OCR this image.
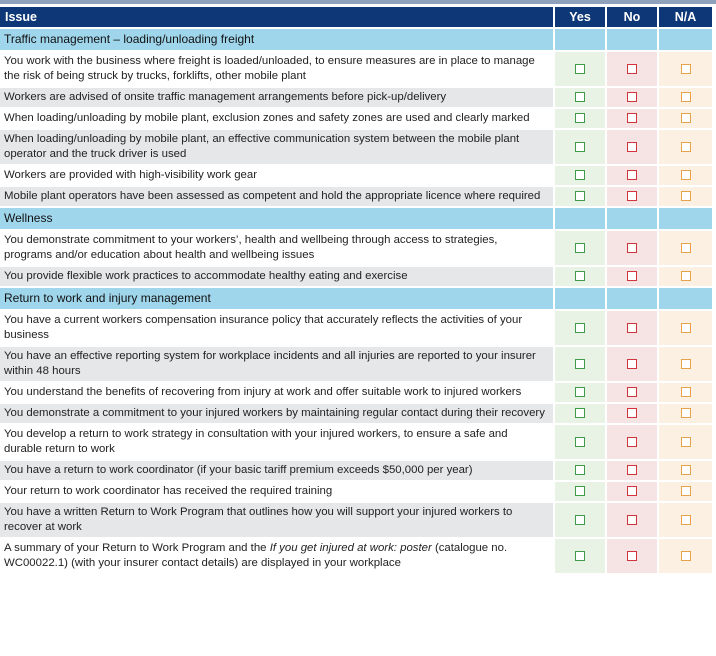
Issue	Yes	No	N/A
Traffic management – loading/unloading freight			
You work with the business where freight is loaded/unloaded, to ensure measures are in place to manage the risk of being struck by trucks, forklifts, other mobile plant			
Workers are advised of onsite traffic management arrangements before pick-up/delivery			
When loading/unloading by mobile plant, exclusion zones and safety zones are used and clearly marked			
When loading/unloading by mobile plant, an effective communication system between the mobile plant operator and the truck driver is used			
Workers are provided with high-visibility work gear			
Mobile plant operators have been assessed as competent and hold the appropriate licence where required			
Wellness			
You demonstrate commitment to your workers’, health and wellbeing through access to strategies, programs and/or education about health and wellbeing issues			
You provide flexible work practices to accommodate healthy eating and exercise			
Return to work and injury management			
You have a current workers compensation insurance policy that accurately reflects the activities of your business			
You have an effective reporting system for workplace incidents and all injuries are reported to your insurer within 48 hours			
You understand the benefits of recovering from injury at work and offer suitable work to injured workers			
You demonstrate a commitment to your injured workers by maintaining regular contact during their recovery			
You develop a return to work strategy in consultation with your injured workers, to ensure a safe and durable return to work			
You have a return to work coordinator (if your basic tariff premium exceeds $50,000 per year)			
Your return to work coordinator has received the required training			
You have a written Return to Work Program that outlines how you will support your injured workers to recover at work			
A summary of your Return to Work Program and the If you get injured at work: poster (catalogue no. WC00022.1) (with your insurer contact details) are displayed in your workplace			
